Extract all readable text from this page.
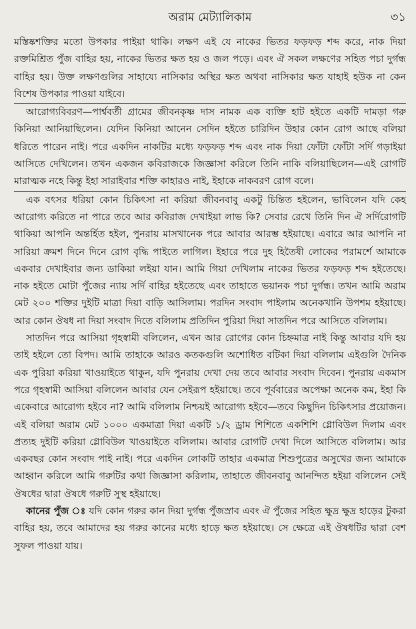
অরাম মেট্যালিকাম	৩১

মস্তিষ্কশক্তির মতো উপকার পাইয়া থাকি। লক্ষণ এই যে নাকের ভিতর ফড়ফড় শব্দ করে, নাক দিয়া রক্তমিশ্রিত পুঁজ বাহির হয়, নাকের ভিতর ক্ষত হয় ও জল পড়ে। এবং ঐ সকল লক্ষণের সহিত পচা দুর্গন্ধ বাহির হয়। উক্ত লক্ষণগুলির সাহায্যে নাসিকার অস্থির ক্ষত অথবা নাসিকার ক্ষত যাহাই হউক না কেন বিশেষ উপকার পাওয়া যাইবে।

আরোগ্যবিবরণ—পার্শ্ববর্তী গ্রামের জীবনকৃষ্ণ দাস নামক এক ব্যক্তি হাট হইতে একটি দামড়া গরু কিনিয়া আনিয়াছিলেন। যেদিন কিনিয়া আনেন সেদিন হইতে চারিদিন উহার কোন রোগ আছে বলিয়া ধরিতে পারেন নাই। পরে একদিন নাকটির মধ্যে ফড়ফড় শব্দ এবং নাক দিয়া ফোঁটা ফোঁটা সর্দি গড়াইয়া আসিতে দেখিলেন। তখন একজন কবিরাজকে জিজ্ঞাসা করিলে তিনি নাকি বলিয়াছিলেন—এই রোগটি মারাত্মক নহে কিন্তু ইহা সারাইবার শক্তি কাহারও নাই, ইহাকে নাকবরণ রোগ বলে।

এক বৎসর ধরিয়া কোন চিকিৎসা না করিয়া জীবনবাবু একটু চিন্তিত হইলেন, ভাবিলেন যদি কেহ আরোগ্য করিতে না পারে তবে আর কবিরাজ দেখাইয়া লাভ কি? সেবার রেখে তিনি দিন ঐ সর্দিরোগটি থাকিয়া আপনি অন্তর্হিত হইল, পুনরায় মাসখানেক পরে আবার আরম্ভ হইয়াছে। এবারে আর আপনি না সারিয়া ক্রমশ দিনে দিনে রোগ বৃদ্ধি পাইতে লাগিল। ইহারে পরে দুহ হিতৈষী লোকের পরামর্শে আমাকে একবার দেখাইবার জন্য ডাকিয়া লইয়া যান। আমি গিয়া দেখিলাম নাকের ভিতর ফড়ফড় শব্দ হইতেছে। নাক হইতে মোটা পুঁজের ন্যায় সর্দি বাহির হইতেছে এবং তাহাতে ভয়ানক পচা দুর্গন্ধ। তখন আমি অরাম মেট ২০০ শক্তির দুইটি মাত্রা দিয়া বাড়ি আসিলাম। পরদিন সংবাদ পাইলাম অনেকখানি উপশম হইয়াছে। আর কোন ঔষধ না দিয়া সংবাদ দিতে বলিলাম প্রতিদিন পুরিয়া দিয়া সাতদিন পরে আসিতে বলিলাম।

সাতদিন পরে আসিয়া গৃহস্বামী বলিলেন, এখন আর রোগের কোন চিহ্নমাত্র নাই কিন্তু আবার যদি হয় তাই হইলে তো বিপদ। আমি তাহাকে আরও কতকগুলি অশোধিত বটিকা দিয়া বলিলাম এইগুলি দৈনিক এক পুরিয়া করিয়া খাওয়াইতে থাকুন, যদি পুনরায় দেখা দেয় তবে আবার সংবাদ দিবেন। পুনরায় একমাস পরে গৃহস্বামী আসিয়া বলিলেন আবার যেন সেইরূপ হইয়াছে। তবে পূর্ববারের অপেক্ষা অনেক কম, ইহা কি একেবারে আরোগ্য হইবে না? আমি বলিলাম নিশ্চয়ই আরোগ্য হইবে—তবে কিছুদিন চিকিৎসার প্রয়োজন। এই বলিয়া অরাম মেট ১০০০ একমাত্রা দিয়া একটি ১/২ ড্রাম শিশিতে একশিশি গ্লোবিউল দিলাম এবং প্রত্যহ দুইটি করিয়া গ্লোবিউল খাওয়াইতে বলিলাম। আবার রোগটি দেখা দিলে আসিতে বলিলাম। আর একবছর কোন সংবাদ পাই নাই। পরে একদিন লোকটি তাহার একমাত্র শিশুপুত্রের অসুখের জন্য আমাকে আহ্বান করিলে আমি গরুটির কথা জিজ্ঞাসা করিলাম, তাহাতে জীবনবাবু আনন্দিত হইয়া বলিলেন সেই ঔষধের দ্বারা ঔষধে গরুটি সুস্থ হইয়াছে।

কানের পুঁজ ঃ যদি কোন গরুর কান দিয়া দুর্গন্ধ পুঁজস্রাব এবং ঐ পুঁজের সহিত ক্ষুদ্র ক্ষুদ্র হাড়ের টুকরা বাহির হয়, তবে আমাদের হয় গরুর কানের মধ্যে হাড়ে ক্ষত হইয়াছে। সে ক্ষেত্রে এই ঔষধটির দ্বারা বেশ সুফল পাওয়া যায়।
